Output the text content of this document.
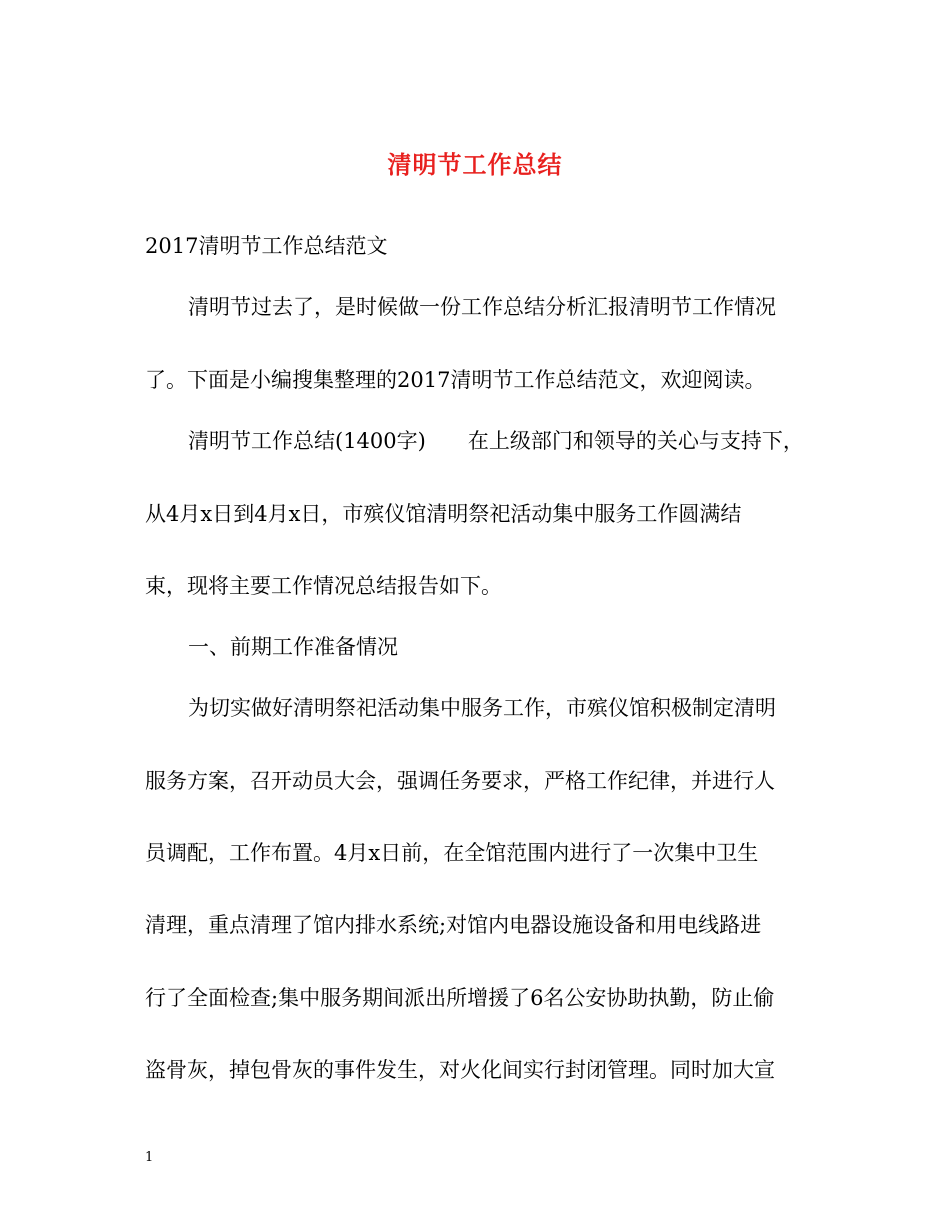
清明节工作总结
2017清明节工作总结范文
清明节过去了，是时候做一份工作总结分析汇报清明节工作情况
了。下面是小编搜集整理的2017清明节工作总结范文，欢迎阅读。
清明节工作总结(1400字)　　在上级部门和领导的关心与支持下，
从4月x日到4月x日，市殡仪馆清明祭祀活动集中服务工作圆满结
束，现将主要工作情况总结报告如下。
一、前期工作准备情况
为切实做好清明祭祀活动集中服务工作，市殡仪馆积极制定清明
服务方案，召开动员大会，强调任务要求，严格工作纪律，并进行人
员调配，工作布置。4月x日前，在全馆范围内进行了一次集中卫生
清理，重点清理了馆内排水系统;对馆内电器设施设备和用电线路进
行了全面检查;集中服务期间派出所增援了6名公安协助执勤，防止偷
盗骨灰，掉包骨灰的事件发生，对火化间实行封闭管理。同时加大宣
1
